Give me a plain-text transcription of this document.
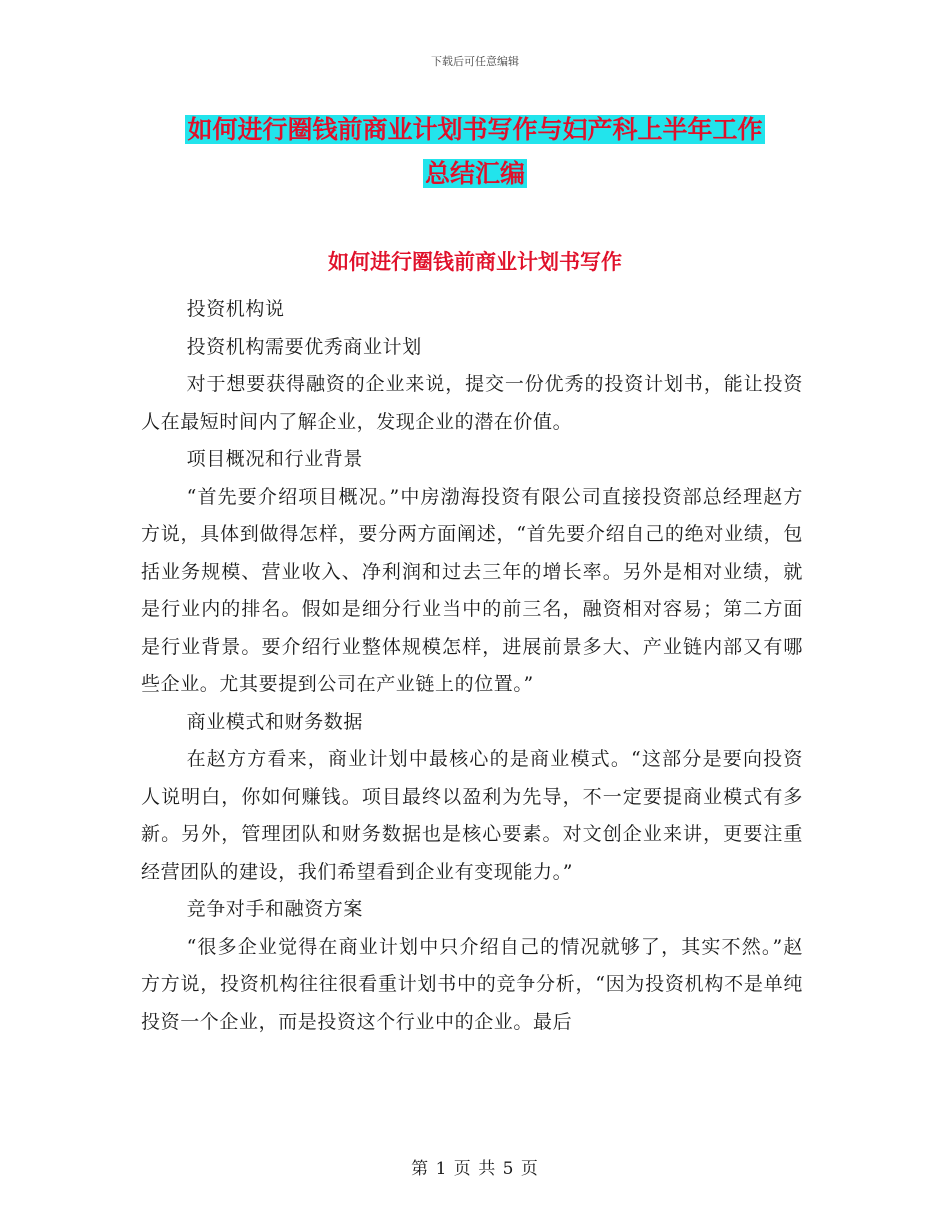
下载后可任意编辑
如何进行圈钱前商业计划书写作与妇产科上半年工作
总结汇编
如何进行圈钱前商业计划书写作

投资机构说

投资机构需要优秀商业计划

对于想要获得融资的企业来说，提交一份优秀的投资计划书，能让投资人在最短时间内了解企业，发现企业的潜在价值。

项目概况和行业背景

“首先要介绍项目概况。”中房渤海投资有限公司直接投资部总经理赵方方说，具体到做得怎样，要分两方面阐述，“首先要介绍自己的绝对业绩，包括业务规模、营业收入、净利润和过去三年的增长率。另外是相对业绩，就是行业内的排名。假如是细分行业当中的前三名，融资相对容易；第二方面是行业背景。要介绍行业整体规模怎样，进展前景多大、产业链内部又有哪些企业。尤其要提到公司在产业链上的位置。”

商业模式和财务数据

在赵方方看来，商业计划中最核心的是商业模式。“这部分是要向投资人说明白，你如何赚钱。项目最终以盈利为先导，不一定要提商业模式有多新。另外，管理团队和财务数据也是核心要素。对文创企业来讲，更要注重经营团队的建设，我们希望看到企业有变现能力。”

竞争对手和融资方案

“很多企业觉得在商业计划中只介绍自己的情况就够了，其实不然。”赵方方说，投资机构往往很看重计划书中的竞争分析，“因为投资机构不是单纯投资一个企业，而是投资这个行业中的企业。最后

第 1 页 共 5 页
